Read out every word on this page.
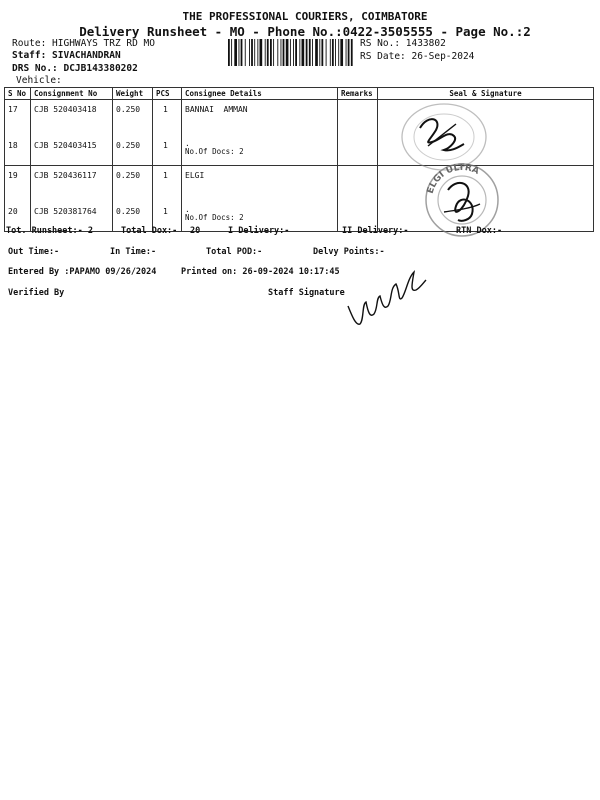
THE PROFESSIONAL COURIERS, COIMBATORE
Delivery Runsheet - MO - Phone No.:0422-3505555 - Page No.:2
Route: HIGHWAYS TRZ RD MO
Staff: SIVACHANDRAN
DRS No.: DCJB143380202
Vehicle:
RS No.: 1433802
RS Date: 26-Sep-2024
S No	Consignment No	Weight	PCS	Consignee Details	Remarks	Seal & Signature
17	CJB 520403418	0.250	1	BANNAI  AMMAN		
18	CJB 520403415	0.250	1	.
No.Of Docs: 2		

19	CJB 520436117	0.250	1	ELGI		
20	CJB 520381764	0.250	1	.
No.Of Docs: 2		

ELGI ULTRA
Tot. Runsheet:- 2	Total Dox:- 20	I Delivery:-	II Delivery:-	RTN Dox:-
Out Time:-	In Time:-	Total POD:-	Delvy Points:-
Entered By :PAPAMO 09/26/2024	Printed on: 26-09-2024 10:17:45
Verified By	Staff Signature
